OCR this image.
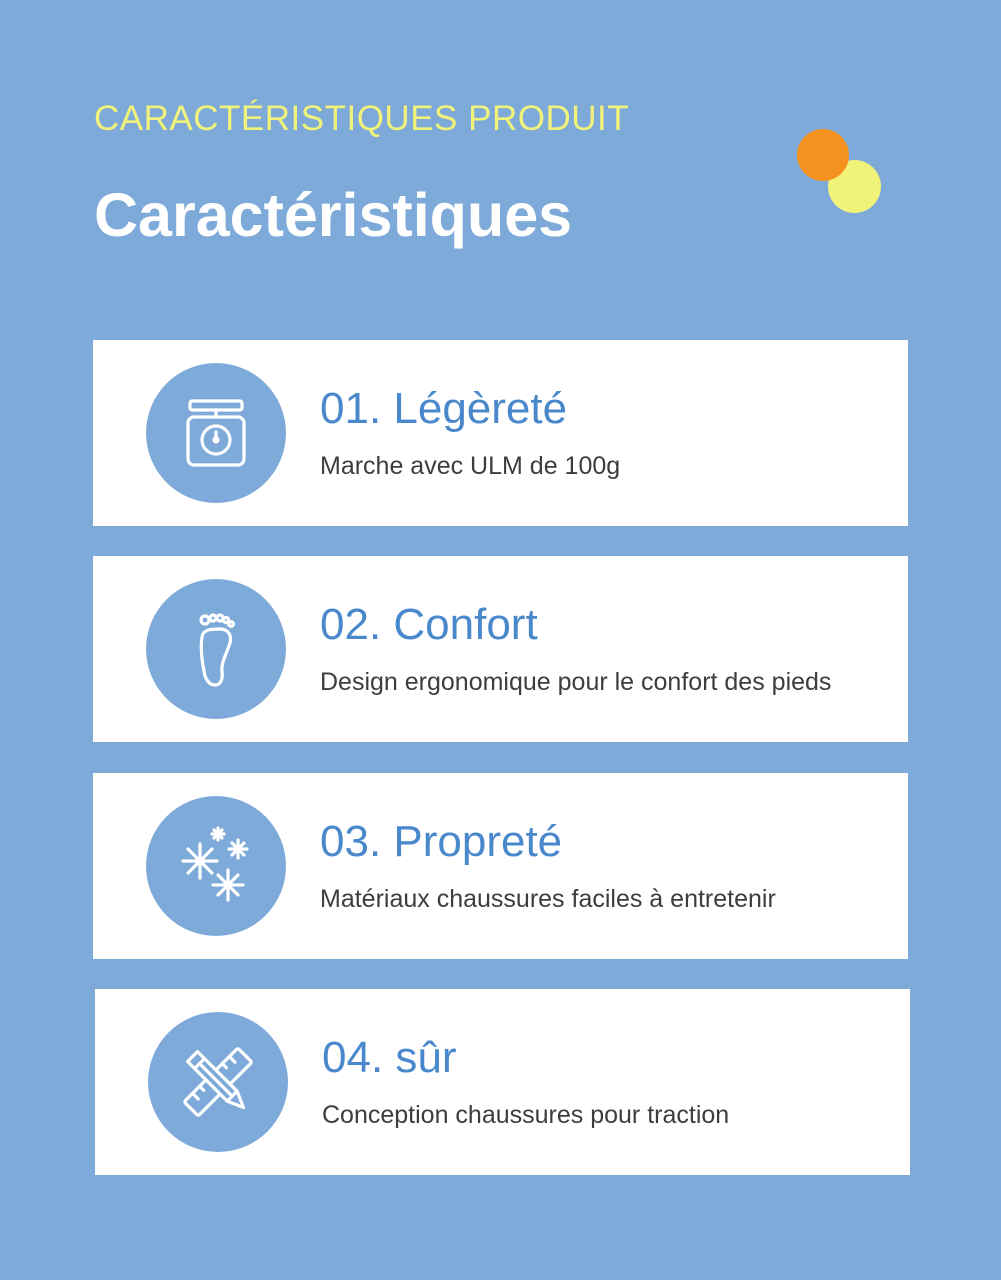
CARACTÉRISTIQUES PRODUIT
Caractéristiques
01. Légèreté
Marche avec ULM de 100g
02. Confort
Design ergonomique pour le confort des pieds
03. Propreté
Matériaux chaussures faciles à entretenir
04. sûr
Conception chaussures pour traction
